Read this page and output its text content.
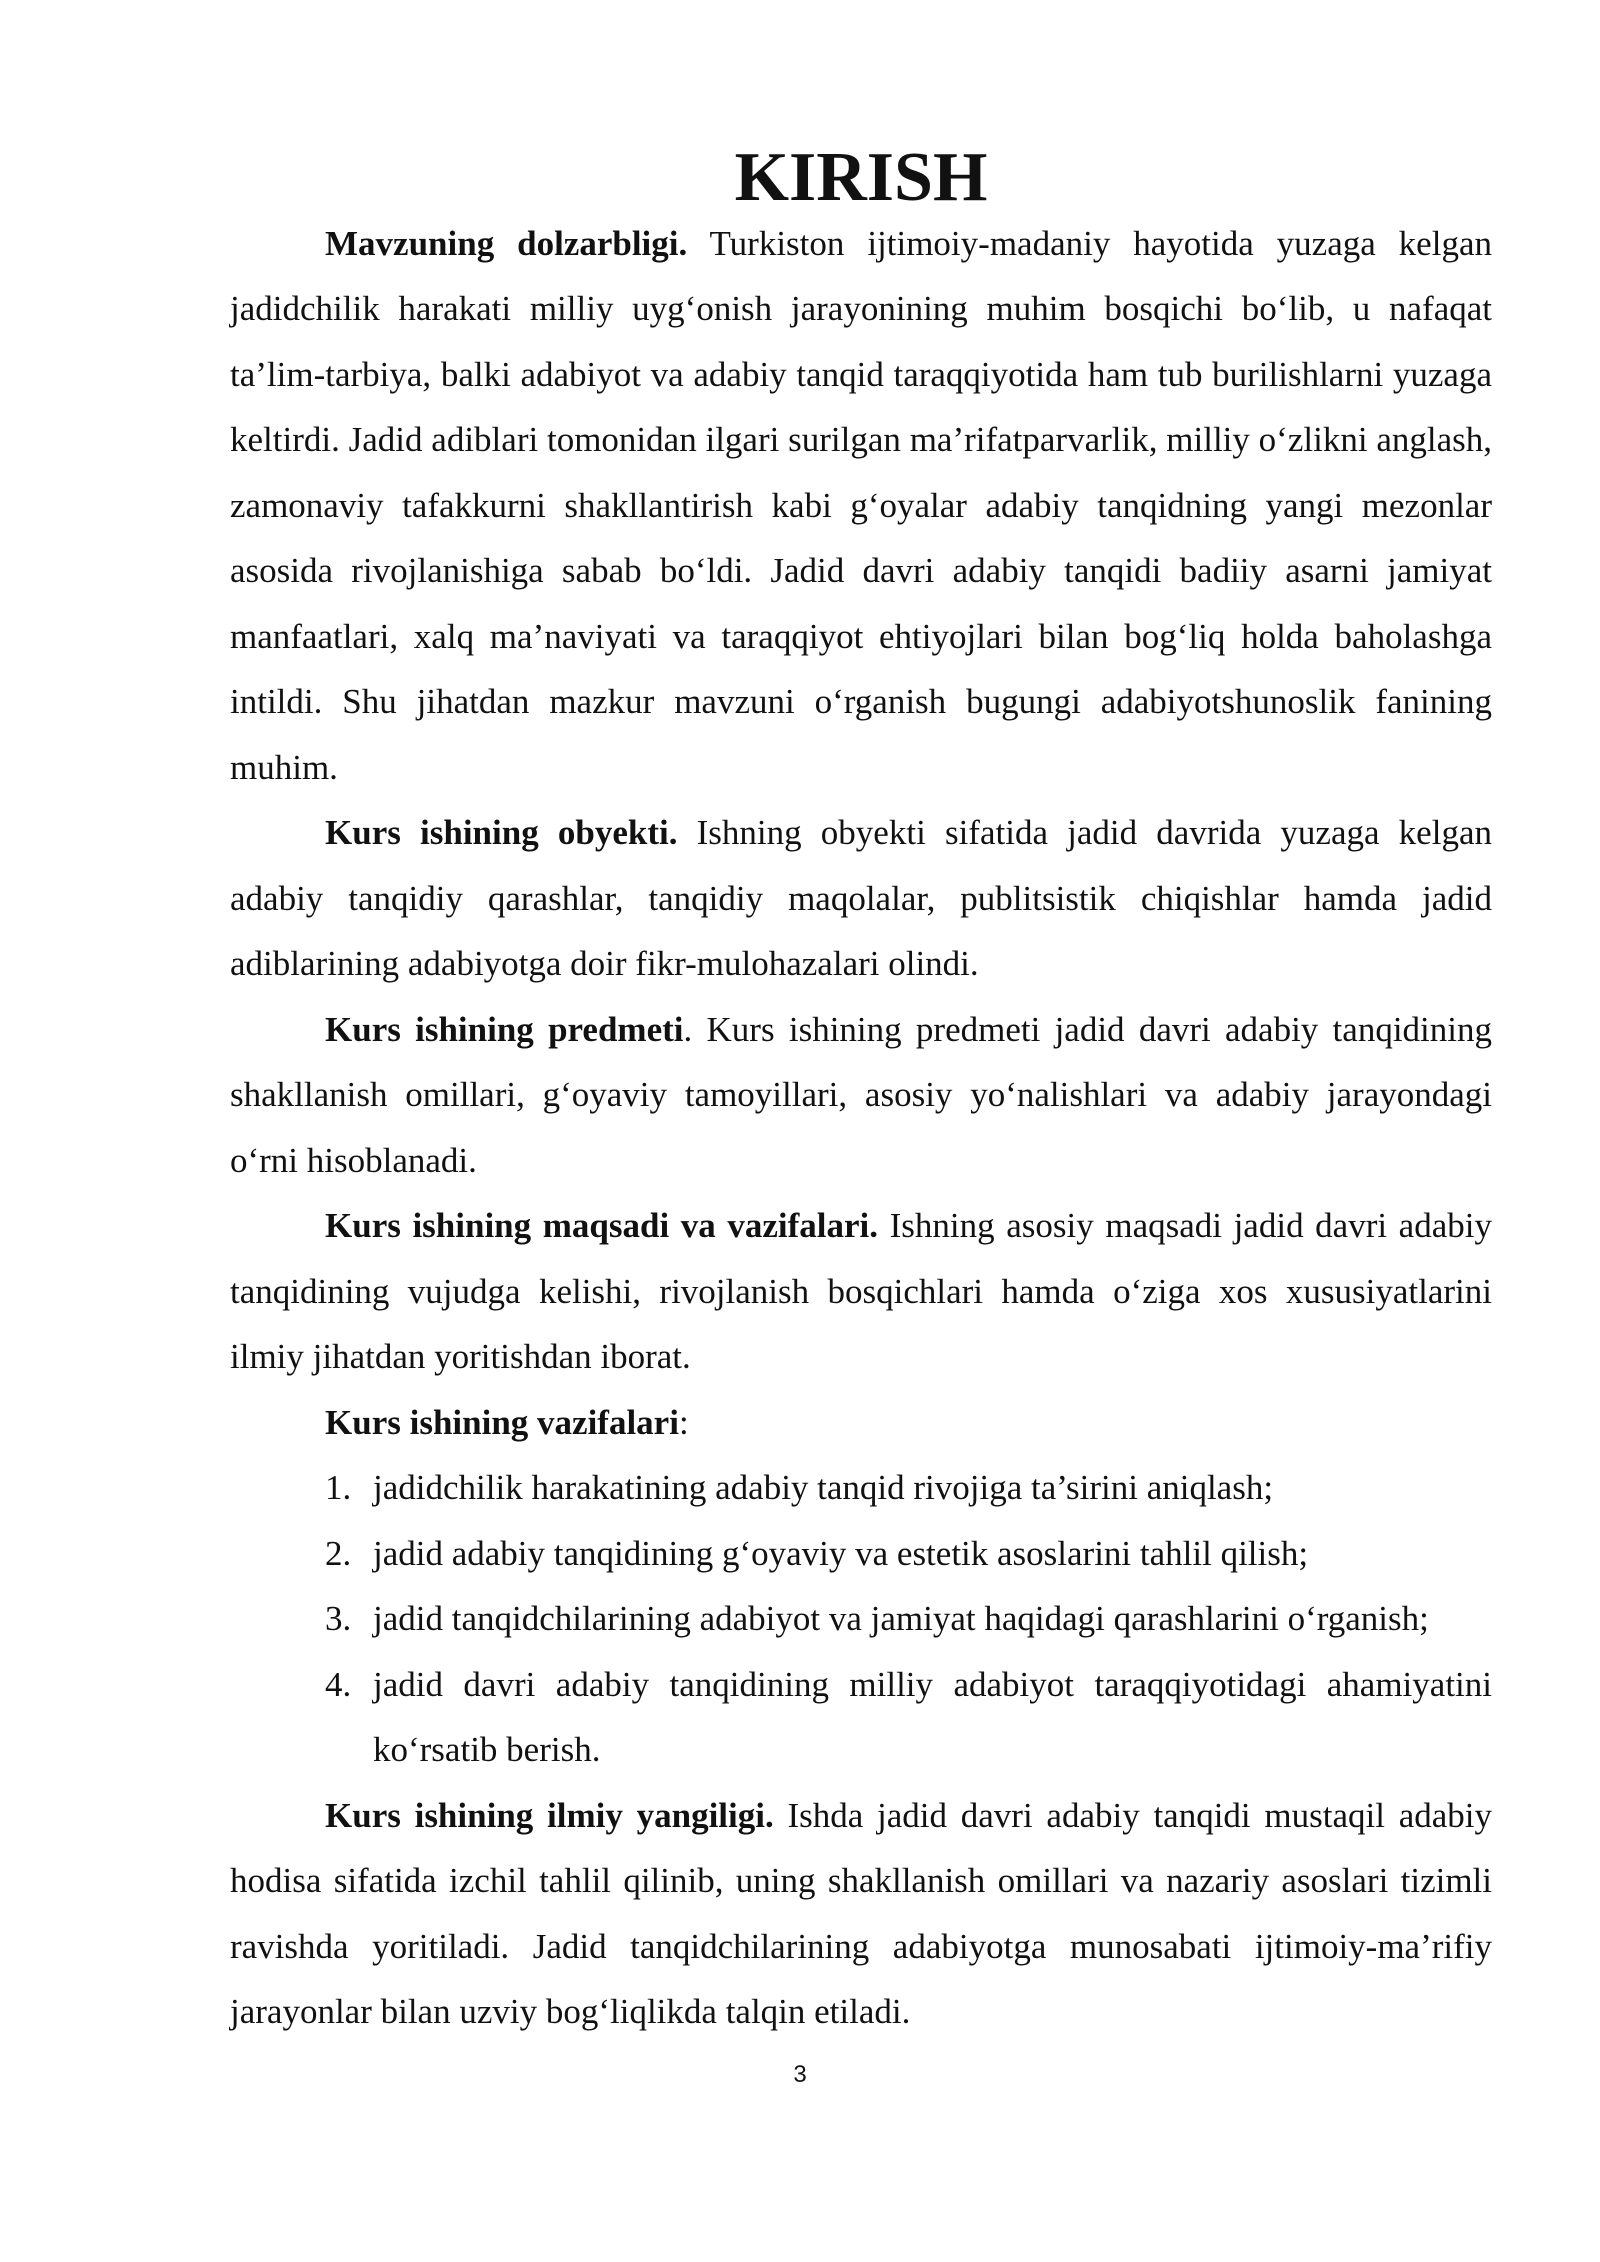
KIRISH

Mavzuning dolzarbligi. Turkiston ijtimoiy-madaniy hayotida yuzaga kelgan jadidchilik harakati milliy uyg‘onish jarayonining muhim bosqichi bo‘lib, u nafaqat ta’lim-tarbiya, balki adabiyot va adabiy tanqid taraqqiyotida ham tub burilishlarni yuzaga keltirdi. Jadid adiblari tomonidan ilgari surilgan ma’rifatparvarlik, milliy o‘zlikni anglash, zamonaviy tafakkurni shakllantirish kabi g‘oyalar adabiy tanqidning yangi mezonlar asosida rivojlanishiga sabab bo‘ldi. Jadid davri adabiy tanqidi badiiy asarni jamiyat manfaatlari, xalq ma’naviyati va taraqqiyot ehtiyojlari bilan bog‘liq holda baholashga intildi. Shu jihatdan mazkur mavzuni o‘rganish bugungi adabiyotshunoslik fanining muhim.

Kurs ishining obyekti. Ishning obyekti sifatida jadid davrida yuzaga kelgan adabiy tanqidiy qarashlar, tanqidiy maqolalar, publitsistik chiqishlar hamda jadid adiblarining adabiyotga doir fikr-mulohazalari olindi.

Kurs ishining predmeti. Kurs ishining predmeti jadid davri adabiy tanqidining shakllanish omillari, g‘oyaviy tamoyillari, asosiy yo‘nalishlari va adabiy jarayondagi o‘rni hisoblanadi.

Kurs ishining maqsadi va vazifalari. Ishning asosiy maqsadi jadid davri adabiy tanqidining vujudga kelishi, rivojlanish bosqichlari hamda o‘ziga xos xususiyatlarini ilmiy jihatdan yoritishdan iborat.

Kurs ishining vazifalari:

1. jadidchilik harakatining adabiy tanqid rivojiga ta’sirini aniqlash;
2. jadid adabiy tanqidining g‘oyaviy va estetik asoslarini tahlil qilish;
3. jadid tanqidchilarining adabiyot va jamiyat haqidagi qarashlarini o‘rganish;
4. jadid davri adabiy tanqidining milliy adabiyot taraqqiyotidagi ahamiyatini ko‘rsatib berish.

Kurs ishining ilmiy yangiligi. Ishda jadid davri adabiy tanqidi mustaqil adabiy hodisa sifatida izchil tahlil qilinib, uning shakllanish omillari va nazariy asoslari tizimli ravishda yoritiladi. Jadid tanqidchilarining adabiyotga munosabati ijtimoiy-ma’rifiy jarayonlar bilan uzviy bog‘liqlikda talqin etiladi.

3
